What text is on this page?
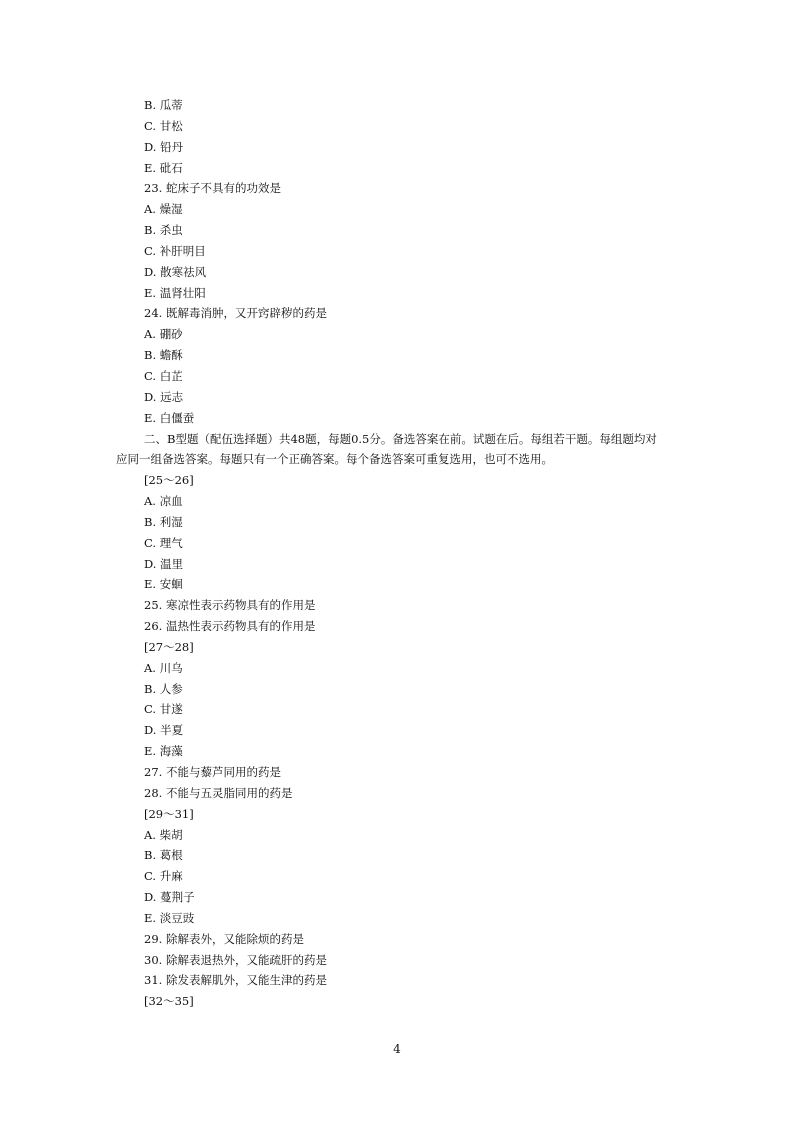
B. 瓜蒂
C. 甘松
D. 铅丹
E. 砒石
23. 蛇床子不具有的功效是
A. 燥湿
B. 杀虫
C. 补肝明目
D. 散寒祛风
E. 温肾壮阳
24. 既解毒消肿，又开窍辟秽的药是
A. 硼砂
B. 蟾酥
C. 白芷
D. 远志
E. 白僵蚕
二、B型题（配伍选择题）共48题，每题0.5分。备选答案在前。试题在后。每组若干题。每组题均对应同一组备选答案。每题只有一个正确答案。每个备选答案可重复选用，也可不选用。
[25～26]
A. 凉血
B. 利湿
C. 理气
D. 温里
E. 安蛔
25. 寒凉性表示药物具有的作用是
26. 温热性表示药物具有的作用是
[27～28]
A. 川乌
B. 人参
C. 甘遂
D. 半夏
E. 海藻
27. 不能与藜芦同用的药是
28. 不能与五灵脂同用的药是
[29～31]
A. 柴胡
B. 葛根
C. 升麻
D. 蔓荆子
E. 淡豆豉
29. 除解表外，又能除烦的药是
30. 除解表退热外，又能疏肝的药是
31. 除发表解肌外，又能生津的药是
[32～35]
4
